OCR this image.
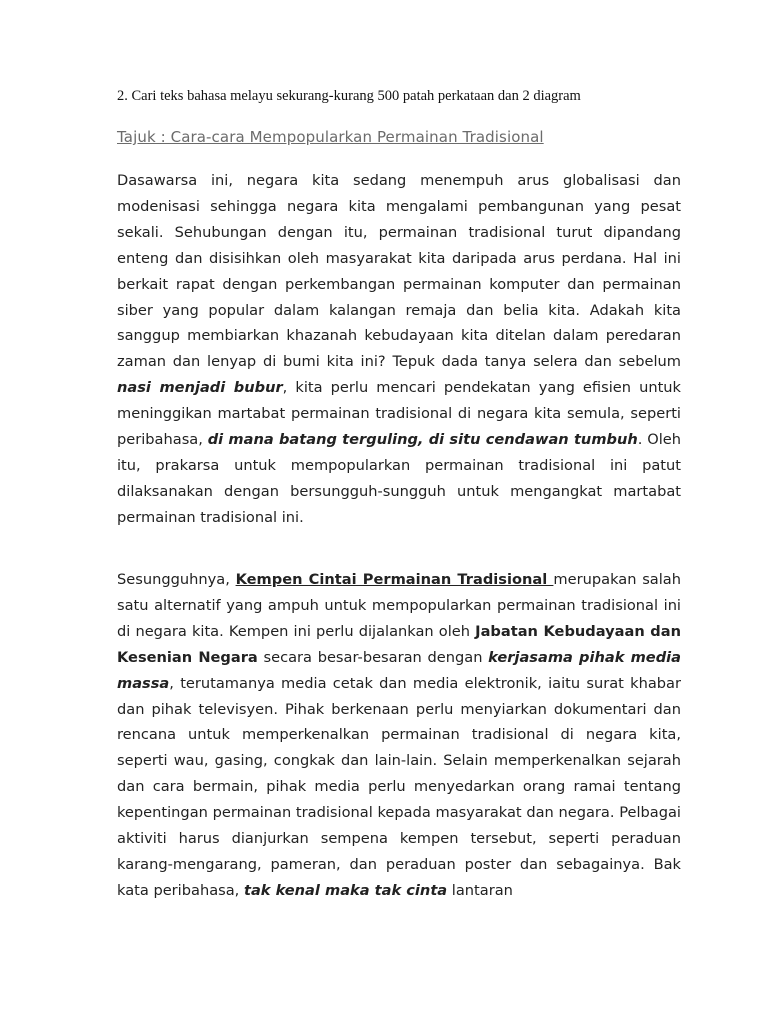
2. Cari teks bahasa melayu sekurang-kurang 500 patah perkataan dan 2 diagram
Tajuk : Cara-cara Mempopularkan Permainan Tradisional

Dasawarsa ini, negara kita sedang menempuh arus globalisasi dan modenisasi sehingga negara kita mengalami pembangunan yang pesat sekali. Sehubungan dengan itu, permainan tradisional turut dipandang enteng dan disisihkan oleh masyarakat kita daripada arus perdana. Hal ini berkait rapat dengan perkembangan permainan komputer dan permainan siber yang popular dalam kalangan remaja dan belia kita. Adakah kita sanggup membiarkan khazanah kebudayaan kita ditelan dalam peredaran zaman dan lenyap di bumi kita ini? Tepuk dada tanya selera dan sebelum nasi menjadi bubur, kita perlu mencari pendekatan yang efisien untuk meninggikan martabat permainan tradisional di negara kita semula, seperti peribahasa, di mana batang terguling, di situ cendawan tumbuh. Oleh itu, prakarsa untuk mempopularkan permainan tradisional ini patut dilaksanakan dengan bersungguh-sungguh untuk mengangkat martabat permainan tradisional ini.

Sesungguhnya, Kempen Cintai Permainan Tradisional merupakan salah satu alternatif yang ampuh untuk mempopularkan permainan tradisional ini di negara kita. Kempen ini perlu dijalankan oleh Jabatan Kebudayaan dan Kesenian Negara secara besar-besaran dengan kerjasama pihak media massa, terutamanya media cetak dan media elektronik, iaitu surat khabar dan pihak televisyen. Pihak berkenaan perlu menyiarkan dokumentari dan rencana untuk memperkenalkan permainan tradisional di negara kita, seperti wau, gasing, congkak dan lain-lain. Selain memperkenalkan sejarah dan cara bermain, pihak media perlu menyedarkan orang ramai tentang kepentingan permainan tradisional kepada masyarakat dan negara. Pelbagai aktiviti harus dianjurkan sempena kempen tersebut, seperti peraduan karang-mengarang, pameran, dan peraduan poster dan sebagainya. Bak kata peribahasa, tak kenal maka tak cinta lantaran
